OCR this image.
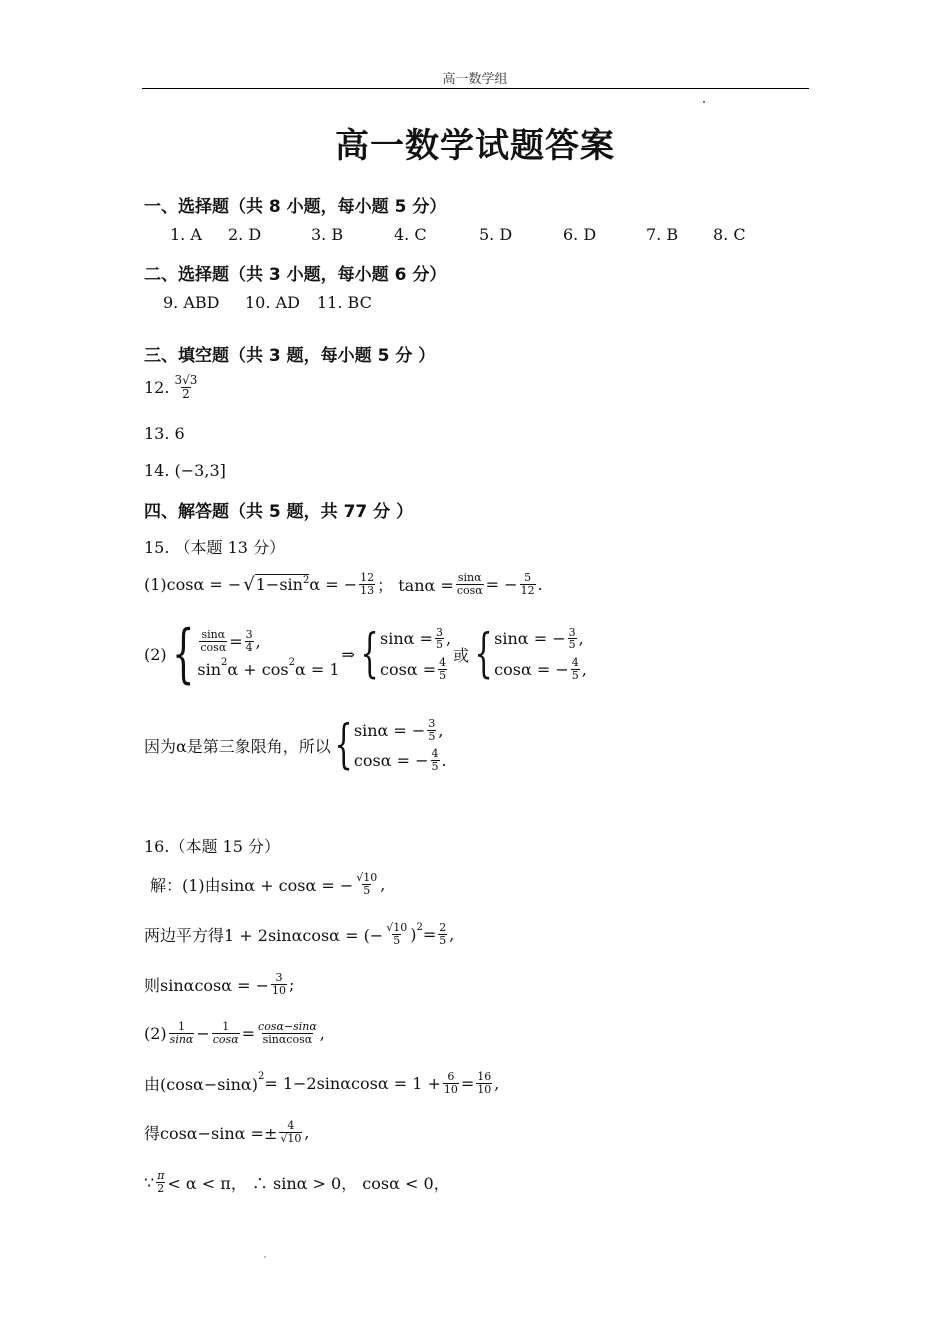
高一数学组
高一数学试题答案
一、选择题（共 8 小题，每小题 5 分）
1. A 2. D	3. B	4. C	5. D	6. D	7. B 8. C
二、选择题（共 3 小题，每小题 6 分）
9. ABD 10. AD 11. BC
三、填空题（共 3 题，每小题 5 分 ）
12. $\frac{3√3}{2}$
13. 6
14. (−3,3]
四、解答题（共 5 题，共 77 分 ）
15. （本题 13 分）
(1)cosα = − √ $1-\sin^2$ α = − $\frac{12}{13}$ ； $\tan\alpha = \frac{\sin\alpha}{\cos\alpha}$ = − $\frac{5}{12}$ .
(2) { $\frac{\sin\alpha}{\cos\alpha} = \frac{3}{4}$ ,
sin 2 α + cos 2 α = 1
⇒ { $\sin\alpha = \frac{3}{5}$ ,
$\cos\alpha = \frac{4}{5}$
或 { sinα = − $\frac{3}{5}$ ,
cosα = − $\frac{4}{5}$ ,
因为α是第三象限角，所以 { sinα = − $\frac{3}{5}$ ,
cosα = − $\frac{4}{5}$ .
16.（本题 15 分）
解：(1)由sinα + cosα = − $\frac{√10}{5}$ ,
两边平方得1 + 2sinαcosα = (− $\frac{√10}{5}$ ) $2 = \frac{2}{5}$ ,
则sinαcosα = − $\frac{3}{10}$ ;
$(2) \frac{1}{\sin\alpha} - \frac{1}{\cos\alpha} = \frac{\cos\alpha-\sin\alpha}{\sin\alpha\cos\alpha}$ ,
由(cosα−sinα) $2 = 1-2\sin\alpha\cos\alpha = 1 + \frac{6}{10} = \frac{16}{10}$ ,
得$\cos\alpha-\sin\alpha =\pm \frac{4}{√10}$ ,
∵ $\frac{\pi}{2} < \alpha < \pi$， ∴ sinα > 0， cosα < 0，
